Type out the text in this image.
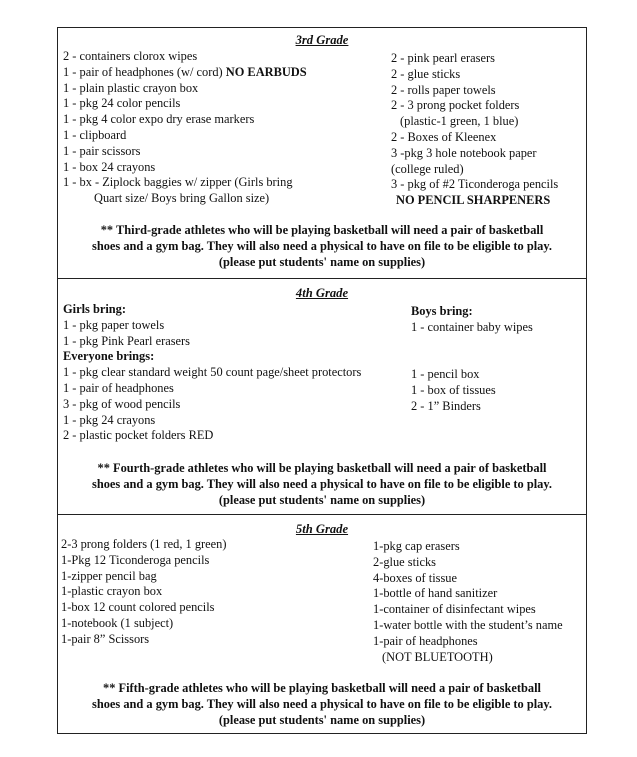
3rd Grade
2 - containers clorox wipes
1 - pair of headphones (w/ cord) NO EARBUDS
1 - plain plastic crayon box
1 - pkg 24 color pencils
1 - pkg 4 color expo dry erase markers
1 - clipboard
1 - pair scissors
1 - box 24 crayons
1 - bx - Ziplock baggies w/ zipper (Girls bring
Quart size/ Boys bring Gallon size)
2 - pink pearl erasers
2 - glue sticks
2 - rolls paper towels
2 - 3 prong pocket folders
(plastic-1 green, 1 blue)
2 - Boxes of Kleenex
3 -pkg 3 hole notebook paper
(college ruled)
3 - pkg of #2 Ticonderoga pencils
NO PENCIL SHARPENERS
** Third-grade athletes who will be playing basketball will need a pair of basketball
shoes and a gym bag. They will also need a physical to have on file to be eligible to play.
(please put students' name on supplies)
4th Grade
Girls bring:
1 - pkg paper towels
1 - pkg Pink Pearl erasers
Everyone brings:
1 - pkg clear standard weight 50 count page/sheet protectors
1 - pair of headphones
3 - pkg of wood pencils
1 - pkg 24 crayons
2 - plastic pocket folders RED
Boys bring:
1 - container baby wipes
1 - pencil box
1 - box of tissues
2 - 1” Binders
** Fourth-grade athletes who will be playing basketball will need a pair of basketball
shoes and a gym bag. They will also need a physical to have on file to be eligible to play.
(please put students' name on supplies)
5th Grade
2-3 prong folders (1 red, 1 green)
1-Pkg 12 Ticonderoga pencils
1-zipper pencil bag
1-plastic crayon box
1-box 12 count colored pencils
1-notebook (1 subject)
1-pair 8” Scissors
1-pkg cap erasers
2-glue sticks
4-boxes of tissue
1-bottle of hand sanitizer
1-container of disinfectant wipes
1-water bottle with the student’s name
1-pair of headphones
(NOT BLUETOOTH)
** Fifth-grade athletes who will be playing basketball will need a pair of basketball
shoes and a gym bag. They will also need a physical to have on file to be eligible to play.
(please put students' name on supplies)
